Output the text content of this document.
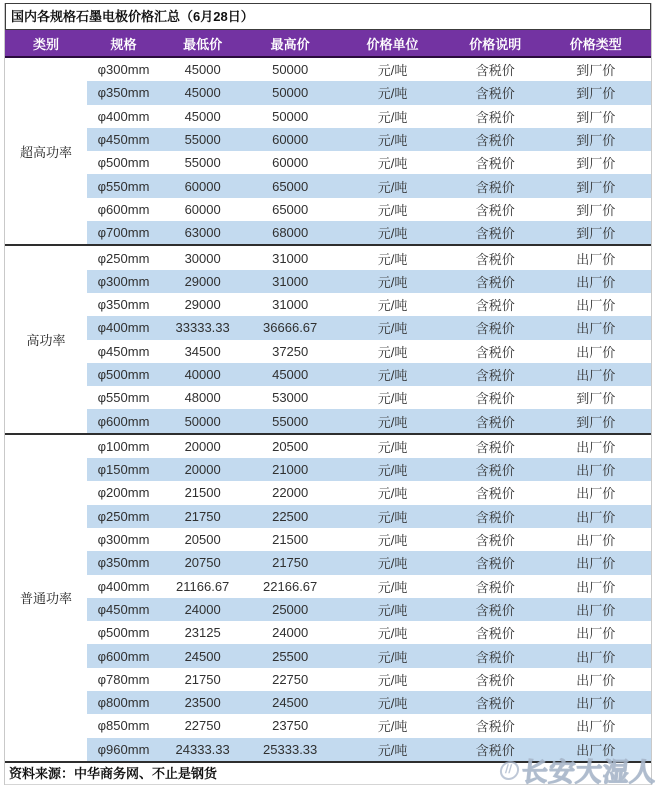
国内各规格石墨电极价格汇总（6月28日）
类别	规格	最低价	最高价	价格单位	价格说明	价格类型
超高功率	φ300mm	45000	50000	元/吨	含税价	到厂价
	φ350mm	45000	50000	元/吨	含税价	到厂价
	φ400mm	45000	50000	元/吨	含税价	到厂价
	φ450mm	55000	60000	元/吨	含税价	到厂价
	φ500mm	55000	60000	元/吨	含税价	到厂价
	φ550mm	60000	65000	元/吨	含税价	到厂价
	φ600mm	60000	65000	元/吨	含税价	到厂价
	φ700mm	63000	68000	元/吨	含税价	到厂价
高功率	φ250mm	30000	31000	元/吨	含税价	出厂价
	φ300mm	29000	31000	元/吨	含税价	出厂价
	φ350mm	29000	31000	元/吨	含税价	出厂价
	φ400mm	33333.33	36666.67	元/吨	含税价	出厂价
	φ450mm	34500	37250	元/吨	含税价	出厂价
	φ500mm	40000	45000	元/吨	含税价	出厂价
	φ550mm	48000	53000	元/吨	含税价	到厂价
	φ600mm	50000	55000	元/吨	含税价	到厂价
普通功率	φ100mm	20000	20500	元/吨	含税价	出厂价
	φ150mm	20000	21000	元/吨	含税价	出厂价
	φ200mm	21500	22000	元/吨	含税价	出厂价
	φ250mm	21750	22500	元/吨	含税价	出厂价
	φ300mm	20500	21500	元/吨	含税价	出厂价
	φ350mm	20750	21750	元/吨	含税价	出厂价
	φ400mm	21166.67	22166.67	元/吨	含税价	出厂价
	φ450mm	24000	25000	元/吨	含税价	出厂价
	φ500mm	23125	24000	元/吨	含税价	出厂价
	φ600mm	24500	25500	元/吨	含税价	出厂价
	φ780mm	21750	22750	元/吨	含税价	出厂价
	φ800mm	23500	24500	元/吨	含税价	出厂价
	φ850mm	22750	23750	元/吨	含税价	出厂价
	φ960mm	24333.33	25333.33	元/吨	含税价	出厂价
资料来源：中华商务网、不止是钢货 //	长安大湿人
